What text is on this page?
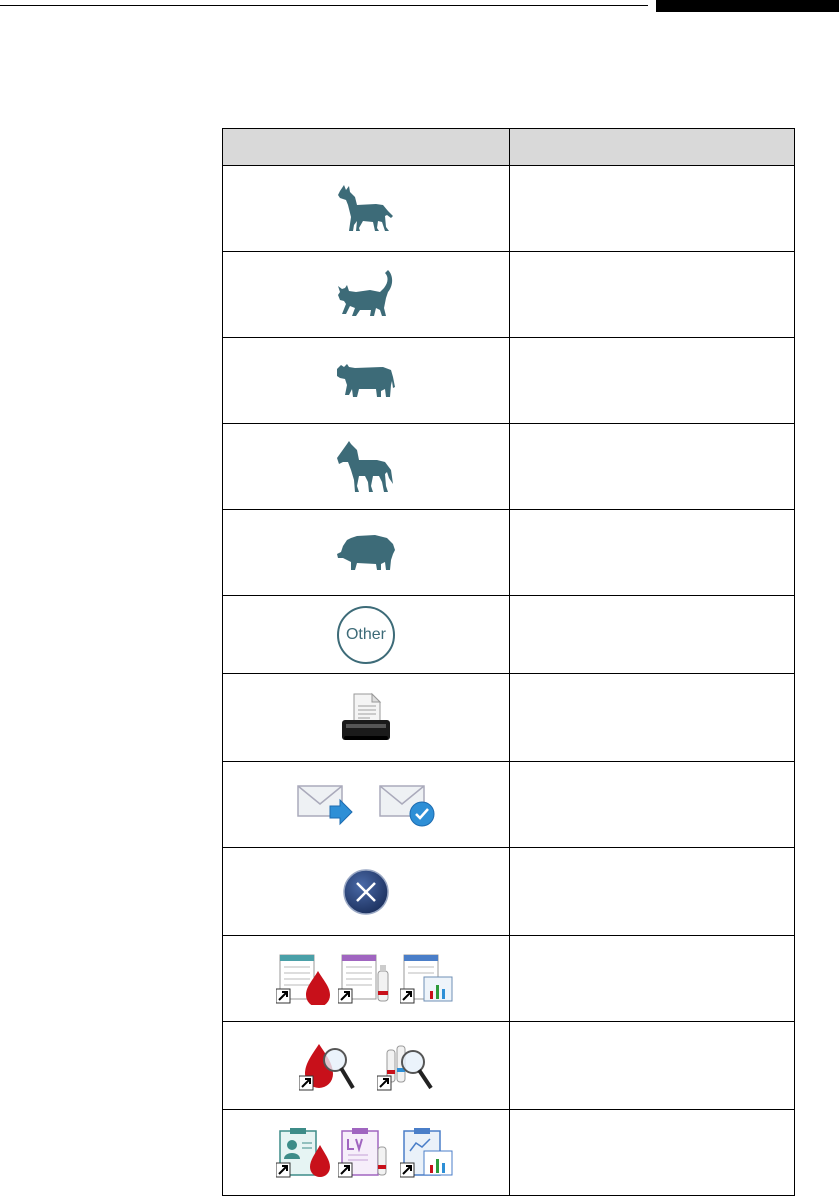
Other	
